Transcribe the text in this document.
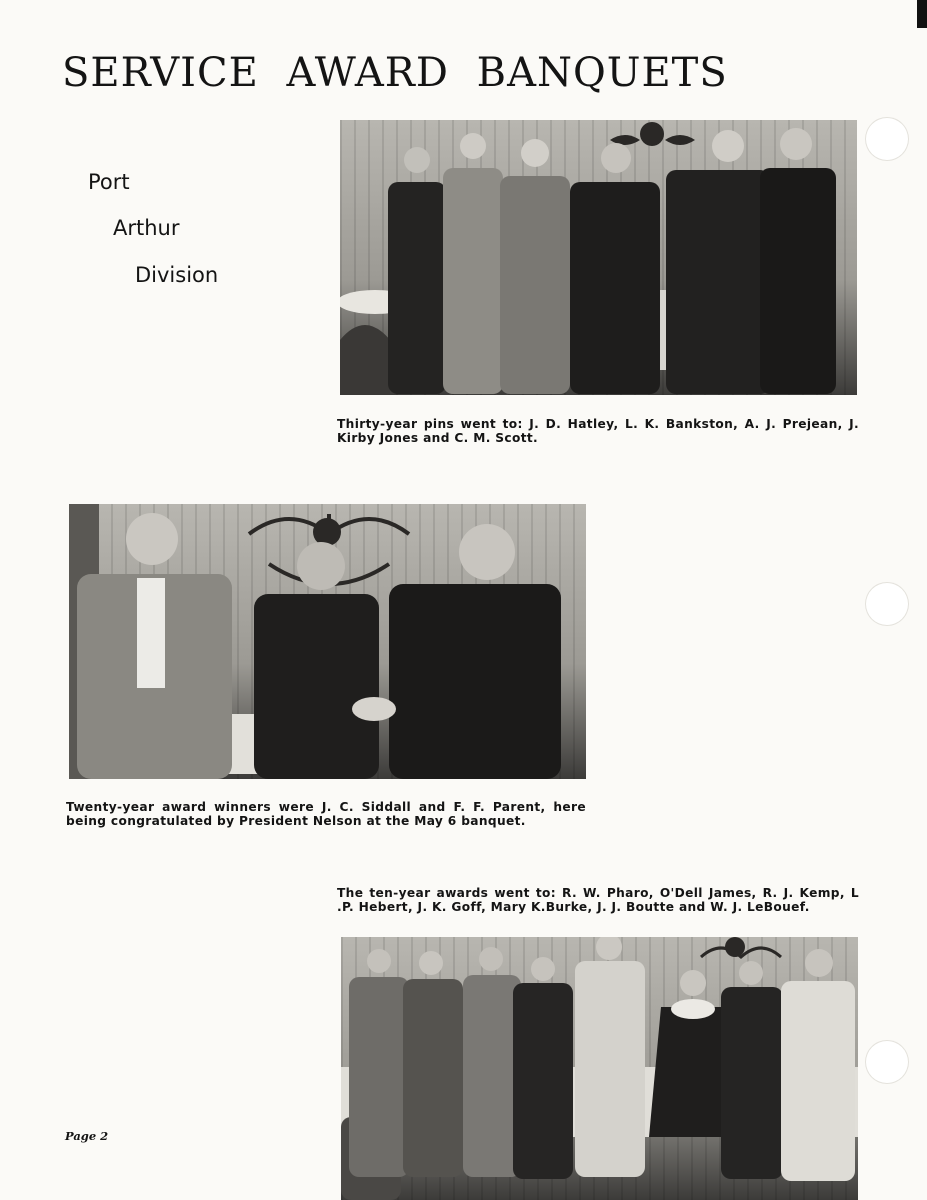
SERVICE AWARD BANQUETS
Port
Arthur
Division

Thirty-year pins went to: J. D. Hatley, L. K. Bankston, A. J. Prejean, J. Kirby Jones and C. M. Scott.

Twenty-year award winners were J. C. Siddall and F. F. Parent, here being congratulated by President Nelson at the May 6 banquet.

The ten-year awards went to: R. W. Pharo, O'Dell James, R. J. Kemp, L .P. Hebert, J. K. Goff, Mary K.Burke, J. J. Boutte and W. J. LeBouef.

Page 2
